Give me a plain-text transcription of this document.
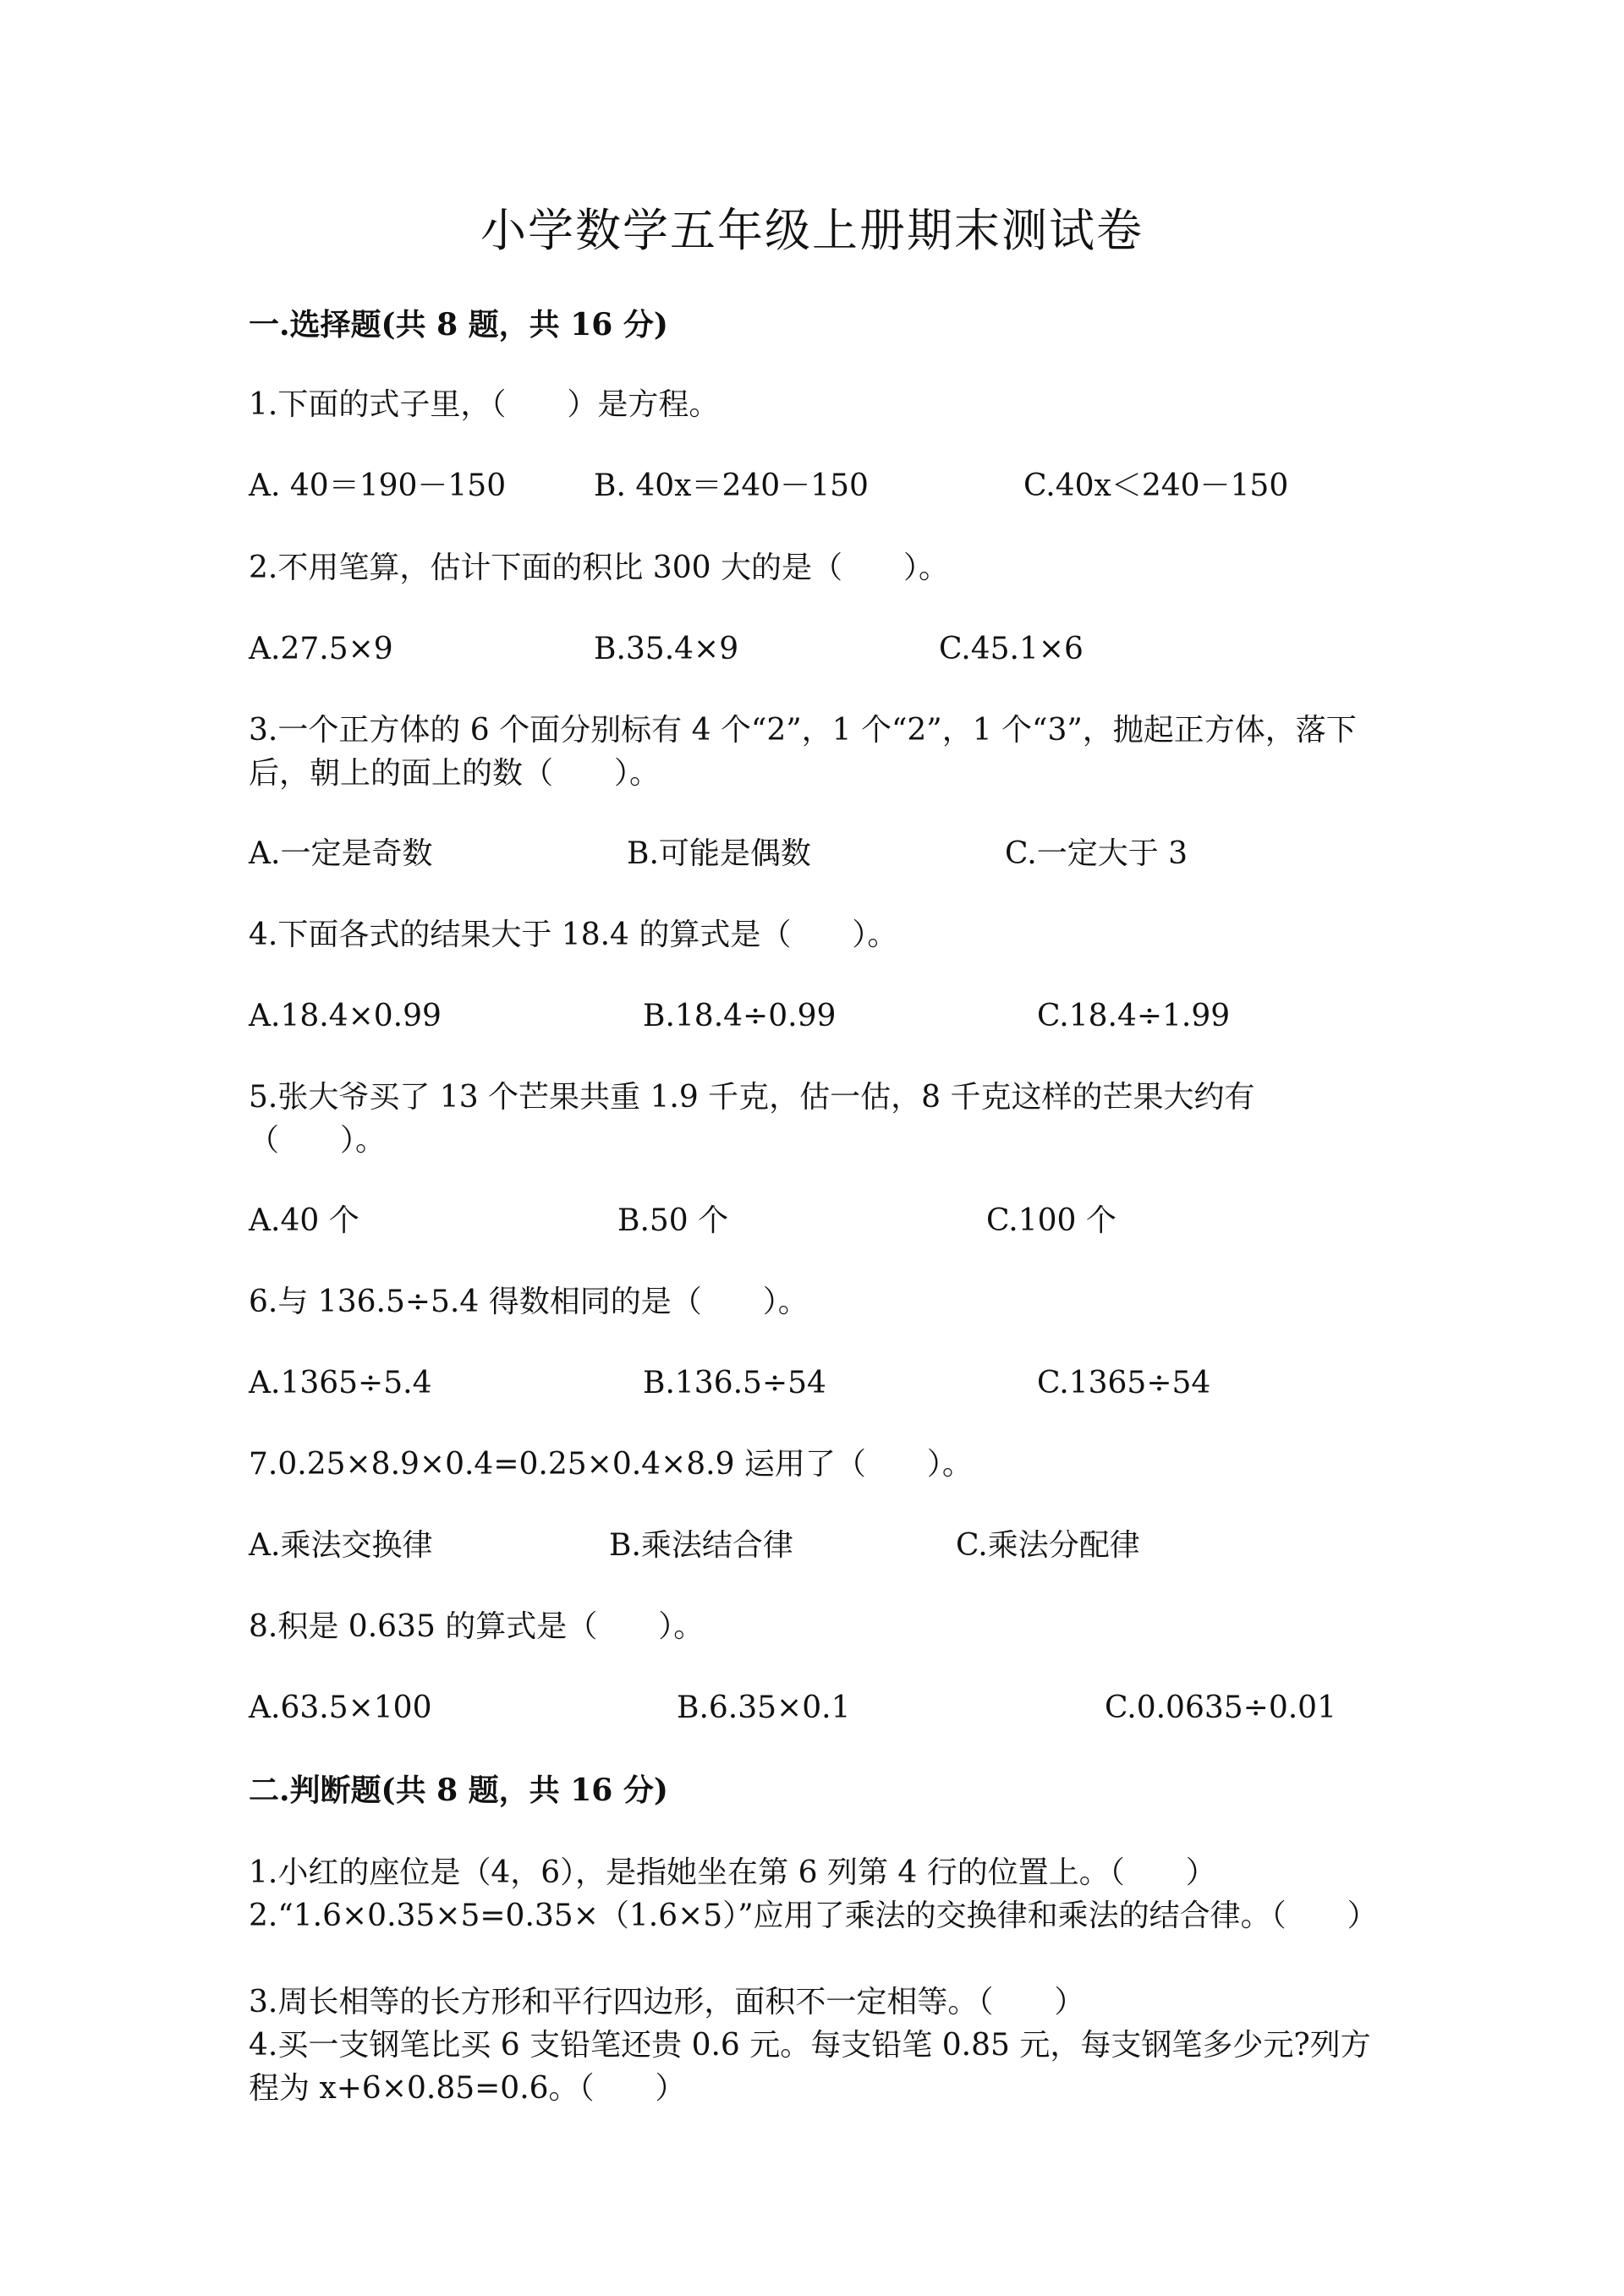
小学数学五年级上册期末测试卷
一.选择题(共 8 题，共 16 分)
1.下面的式子里，（　　）是方程。
A. 40＝190－150	B. 40x＝240－150	C.40x＜240－150
2.不用笔算，估计下面的积比 300 大的是（　　）。
A.27.5×9	B.35.4×9	C.45.1×6
3.一个正方体的 6 个面分别标有 4 个“2”，1 个“2”，1 个“3”，抛起正方体，落下后，朝上的面上的数（　　）。
A.一定是奇数	B.可能是偶数	C.一定大于 3
4.下面各式的结果大于 18.4 的算式是（　　）。
A.18.4×0.99	B.18.4÷0.99	C.18.4÷1.99
5.张大爷买了 13 个芒果共重 1.9 千克，估一估，8 千克这样的芒果大约有（　　）。
A.40 个	B.50 个	C.100 个
6.与 136.5÷5.4 得数相同的是（　　）。
A.1365÷5.4	B.136.5÷54	C.1365÷54
7.0.25×8.9×0.4=0.25×0.4×8.9 运用了（　　）。
A.乘法交换律	B.乘法结合律	C.乘法分配律
8.积是 0.635 的算式是（　　）。
A.63.5×100	B.6.35×0.1	C.0.0635÷0.01
二.判断题(共 8 题，共 16 分)
1.小红的座位是（4，6），是指她坐在第 6 列第 4 行的位置上。（　　）
2.“1.6×0.35×5=0.35×（1.6×5）”应用了乘法的交换律和乘法的结合律。（　　）
3.周长相等的长方形和平行四边形，面积不一定相等。（　　）
4.买一支钢笔比买 6 支铅笔还贵 0.6 元。每支铅笔 0.85 元，每支钢笔多少元?列方程为 x+6×0.85=0.6。（　　）
